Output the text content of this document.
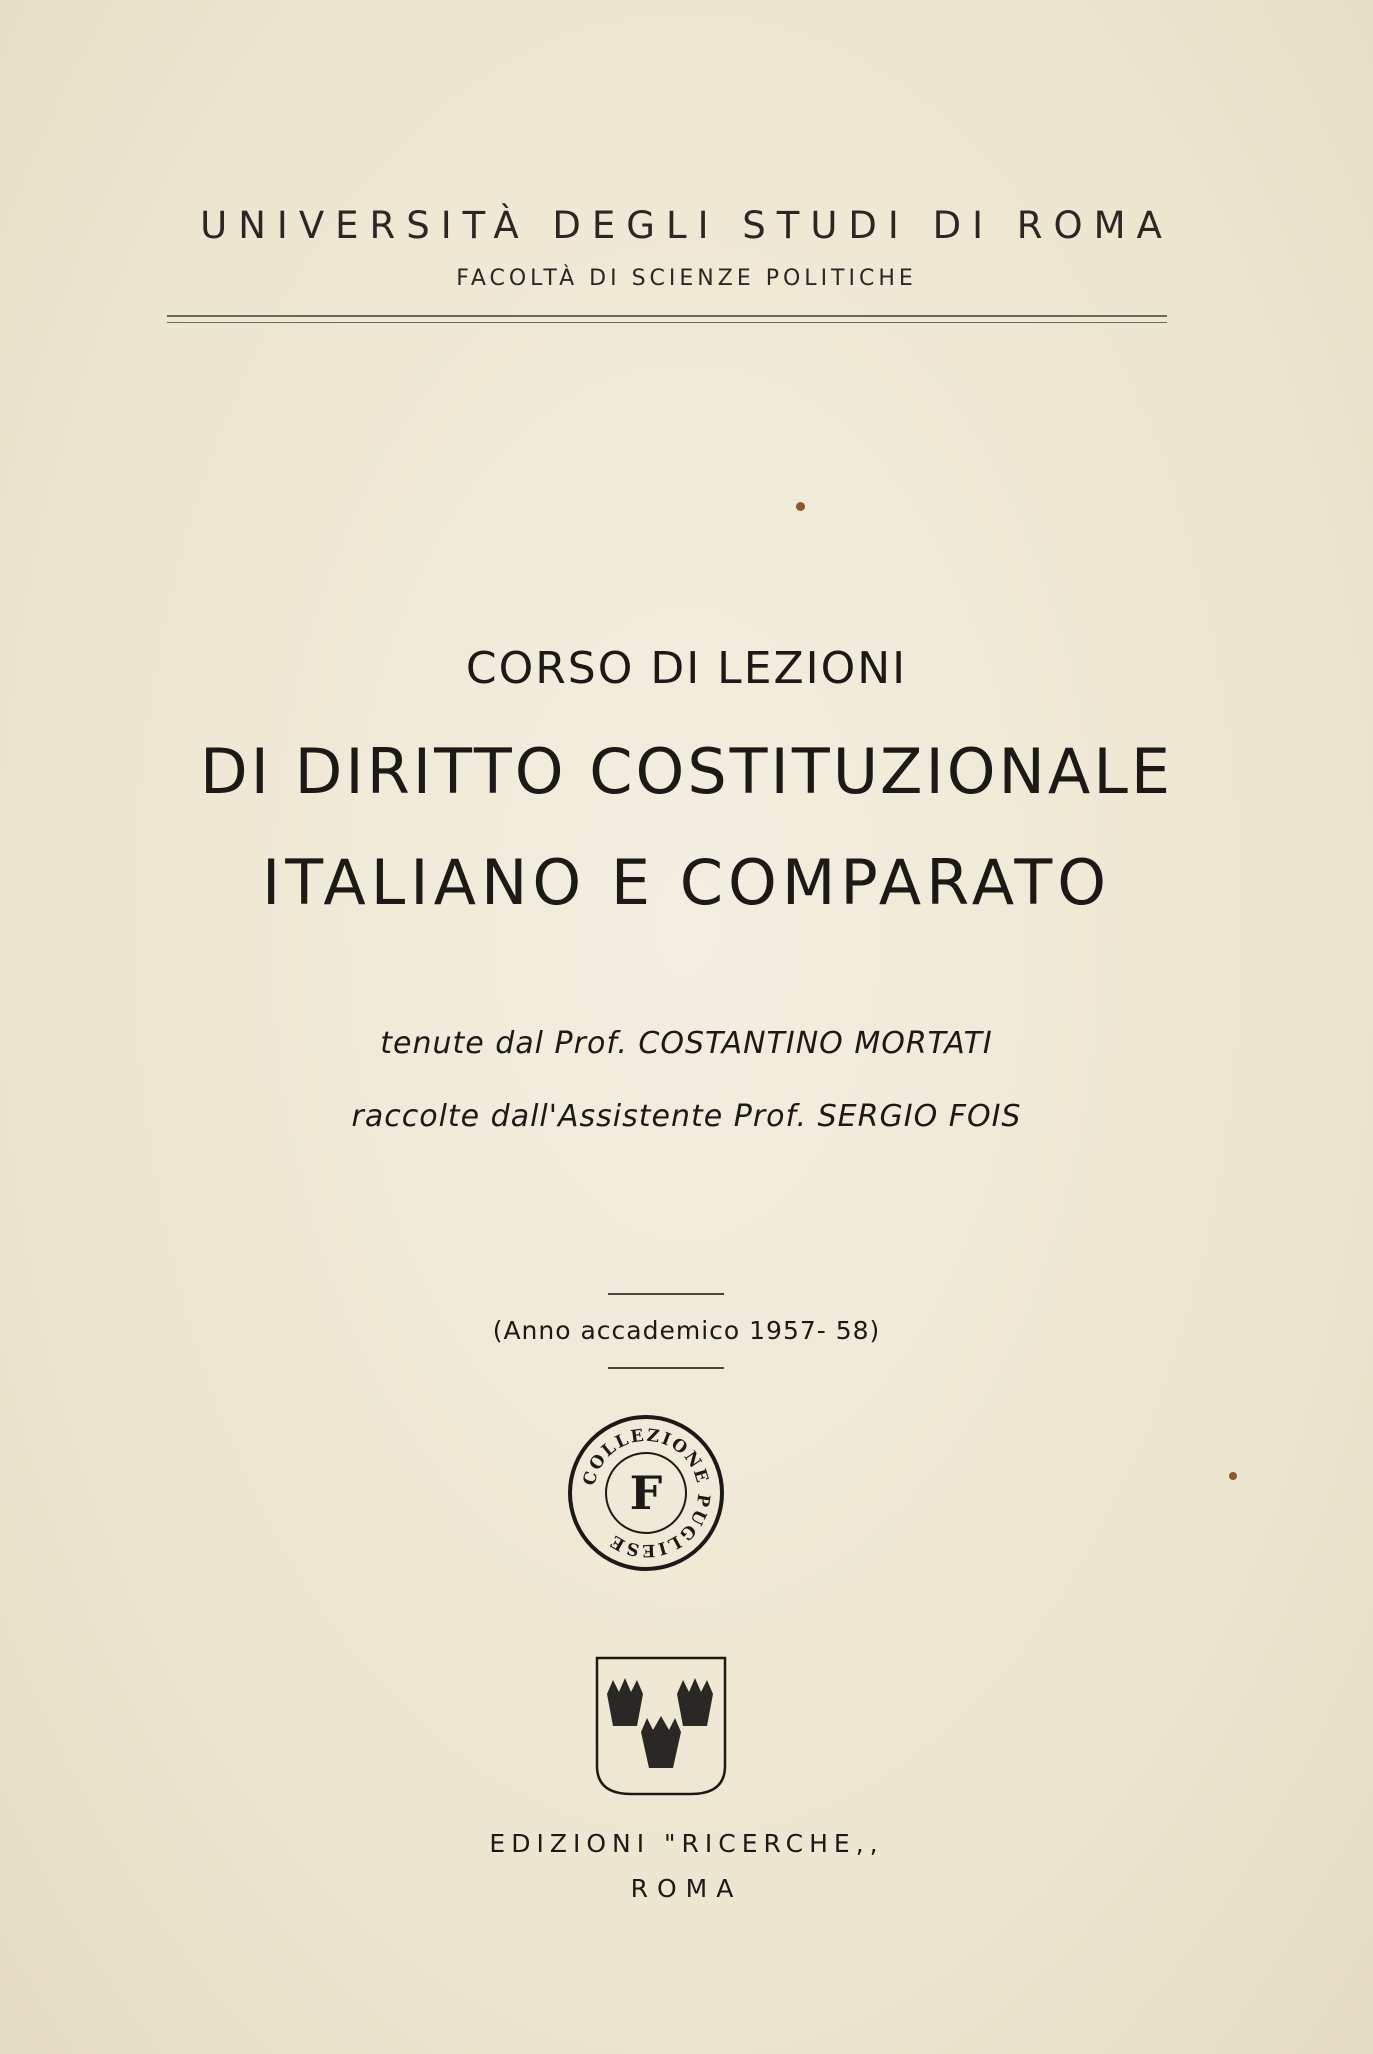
UNIVERSITÀ DEGLI STUDI DI ROMA
FACOLTÀ DI SCIENZE POLITICHE
CORSO DI LEZIONI
DI DIRITTO COSTITUZIONALE
ITALIANO E COMPARATO
tenute dal Prof. COSTANTINO MORTATI
raccolte dall'Assistente Prof. SERGIO FOIS
(Anno accademico 1957- 58)
COLLEZIONE PUGLIESE
F
EDIZIONI "RICERCHE,,
ROMA
